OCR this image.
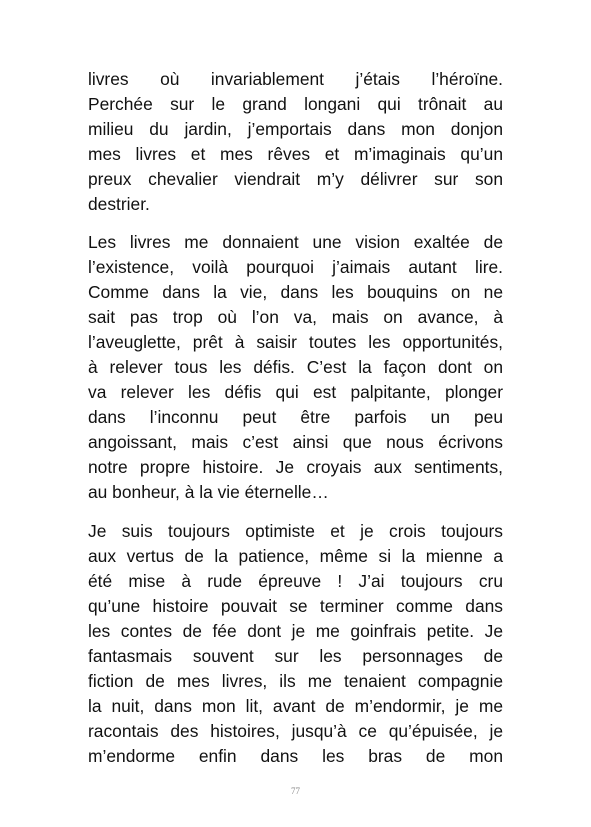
livres où invariablement j’étais l’héroïne.
Perchée sur le grand longani qui trônait au
milieu du jardin, j’emportais dans mon donjon
mes livres et mes rêves et m’imaginais qu’un
preux chevalier viendrait m’y délivrer sur son
destrier.
Les livres me donnaient une vision exaltée de
l’existence, voilà pourquoi j’aimais autant lire.
Comme dans la vie, dans les bouquins on ne
sait pas trop où l’on va, mais on avance, à
l’aveuglette, prêt à saisir toutes les opportunités,
à relever tous les défis. C’est la façon dont on
va relever les défis qui est palpitante, plonger
dans l’inconnu peut être parfois un peu
angoissant, mais c’est ainsi que nous écrivons
notre propre histoire. Je croyais aux sentiments,
au bonheur, à la vie éternelle…
Je suis toujours optimiste et je crois toujours
aux vertus de la patience, même si la mienne a
été mise à rude épreuve ! J’ai toujours cru
qu’une histoire pouvait se terminer comme dans
les contes de fée dont je me goinfrais petite. Je
fantasmais souvent sur les personnages de
fiction de mes livres, ils me tenaient compagnie
la nuit, dans mon lit, avant de m’endormir, je me
racontais des histoires, jusqu’à ce qu’épuisée, je
m’endorme enfin dans les bras de mon
77
